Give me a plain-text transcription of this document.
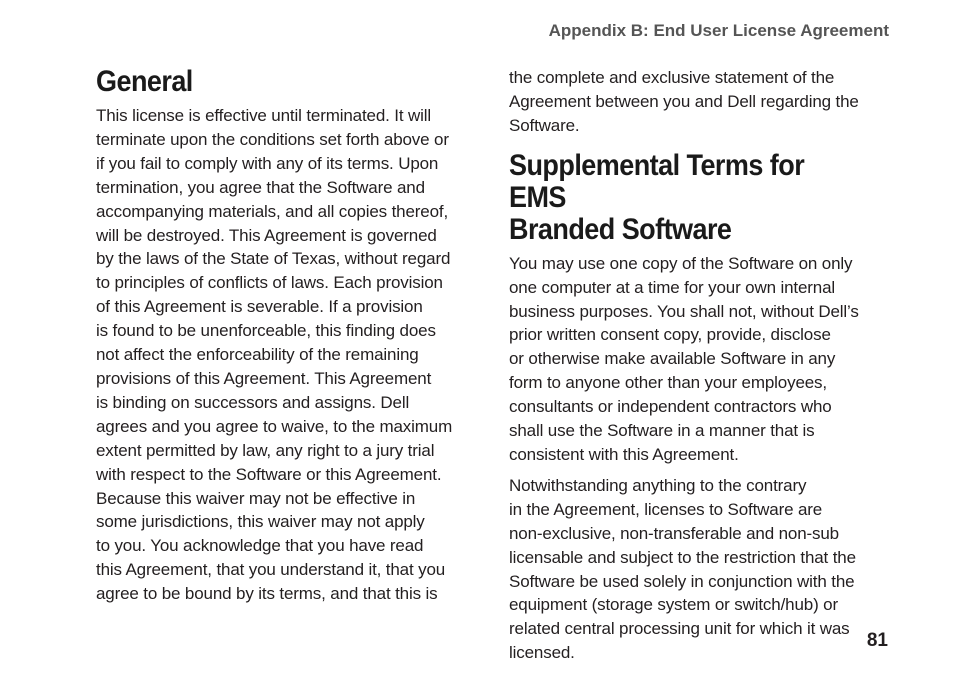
Appendix B: End User License Agreement
General

This license is effective until terminated. It will
terminate upon the conditions set forth above or
if you fail to comply with any of its terms. Upon
termination, you agree that the Software and
accompanying materials, and all copies thereof,
will be destroyed. This Agreement is governed
by the laws of the State of Texas, without regard
to principles of conflicts of laws. Each provision
of this Agreement is severable. If a provision
is found to be unenforceable, this finding does
not affect the enforceability of the remaining
provisions of this Agreement. This Agreement
is binding on successors and assigns. Dell
agrees and you agree to waive, to the maximum
extent permitted by law, any right to a jury trial
with respect to the Software or this Agreement.
Because this waiver may not be effective in
some jurisdictions, this waiver may not apply
to you. You acknowledge that you have read
this Agreement, that you understand it, that you
agree to be bound by its terms, and that this is

the complete and exclusive statement of the
Agreement between you and Dell regarding the
Software.

Supplemental Terms for EMS
Branded Software

You may use one copy of the Software on only
one computer at a time for your own internal
business purposes. You shall not, without Dell’s
prior written consent copy, provide, disclose
or otherwise make available Software in any
form to anyone other than your employees,
consultants or independent contractors who
shall use the Software in a manner that is
consistent with this Agreement.

Notwithstanding anything to the contrary
in the Agreement, licenses to Software are
non-exclusive, non-transferable and non-sub
licensable and subject to the restriction that the
Software be used solely in conjunction with the
equipment (storage system or switch/hub) or
related central processing unit for which it was
licensed.

81
